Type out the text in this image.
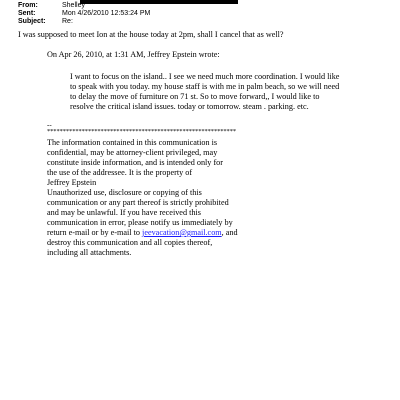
From:	Shelley
Sent:	Mon 4/26/2010 12:53:24 PM
Subject: Re:
I was supposed to meet Ion at the house today at 2pm, shall I cancel that as well?
On Apr 26, 2010, at 1:31 AM, Jeffrey Epstein wrote:
I want to focus on the island.. I see we need much more coordination. I would like
to speak with you today. my house staff is with me in palm beach, so we will need
to delay the move of furniture on 71 st. So to move forward,, I would like to
resolve the critical island issues. today or tomorrow. steam . parking. etc.
--
************************************************************
The information contained in this communication is
confidential, may be attorney-client privileged, may
constitute inside information, and is intended only for
the use of the addressee. It is the property of
Jeffrey Epstein
Unauthorized use, disclosure or copying of this
communication or any part thereof is strictly prohibited
and may be unlawful. If you have received this
communication in error, please notify us immediately by
return e-mail or by e-mail to jeevacation@gmail.com, and
destroy this communication and all copies thereof,
including all attachments.
